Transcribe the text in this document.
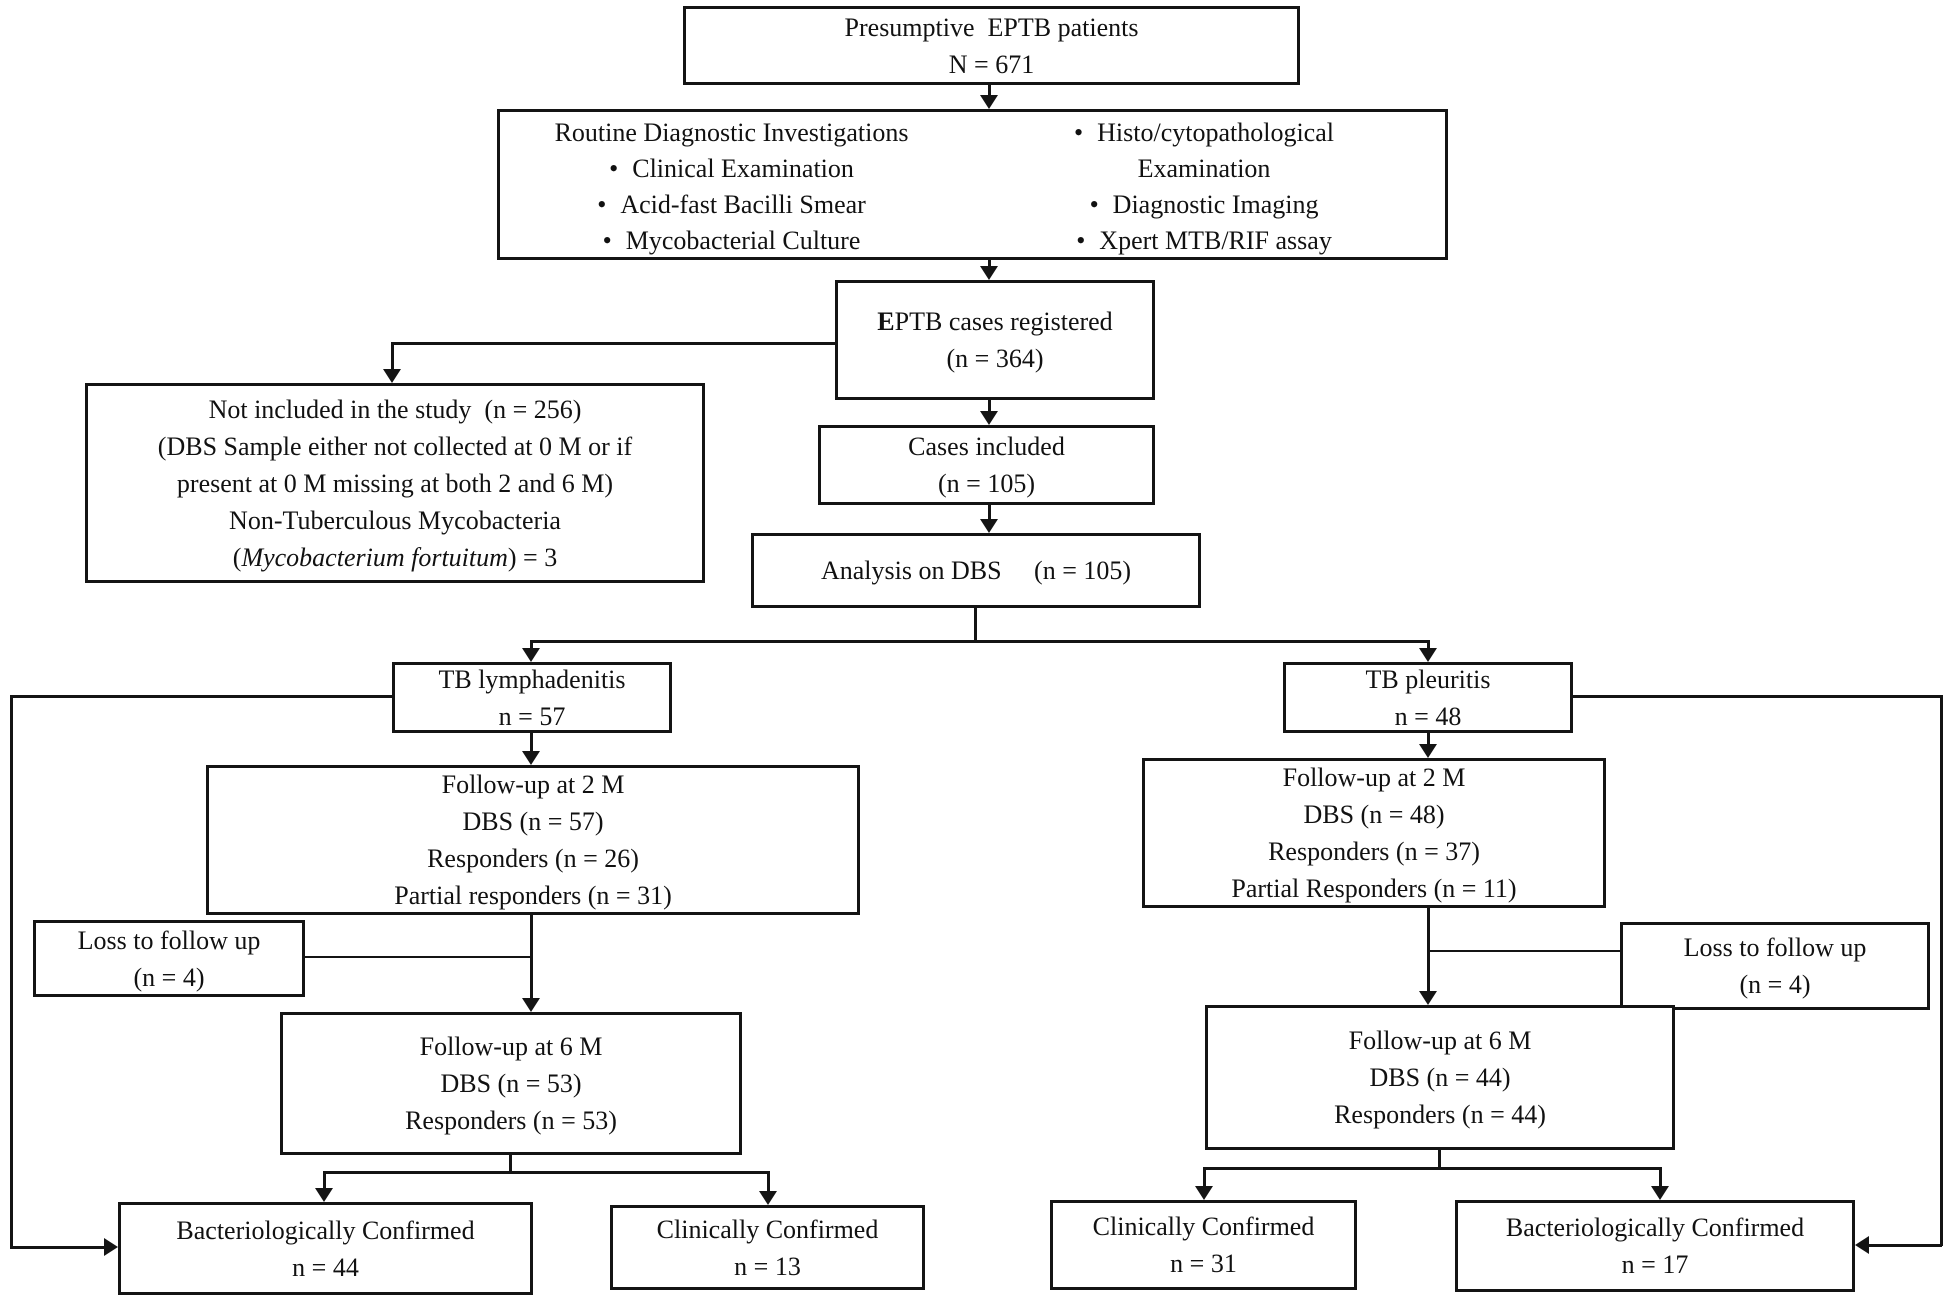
Presumptive EPTB patients
N = 671
Routine Diagnostic Investigations
• Clinical Examination
• Acid-fast Bacilli Smear
• Mycobacterial Culture
• Histo/cytopathological Examination
• Diagnostic Imaging
• Xpert MTB/RIF assay
EPTB cases registered
(n = 364)
Not included in the study (n = 256)
(DBS Sample either not collected at 0 M or if
present at 0 M missing at both 2 and 6 M)
Non-Tuberculous Mycobacteria
(Mycobacterium fortuitum) = 3
Cases included
(n = 105)
Analysis on DBS  (n = 105)
TB lymphadenitis
n = 57
TB pleuritis
n = 48
Follow-up at 2 M
DBS (n = 57)
Responders (n = 26)
Partial responders (n = 31)
Follow-up at 2 M
DBS (n = 48)
Responders (n = 37)
Partial Responders (n = 11)
Loss to follow up
(n = 4)
Loss to follow up
(n = 4)
Follow-up at 6 M
DBS (n = 53)
Responders (n = 53)
Follow-up at 6 M
DBS (n = 44)
Responders (n = 44)
Bacteriologically Confirmed
n = 44
Clinically Confirmed
n = 13
Clinically Confirmed
n = 31
Bacteriologically Confirmed
n = 17
